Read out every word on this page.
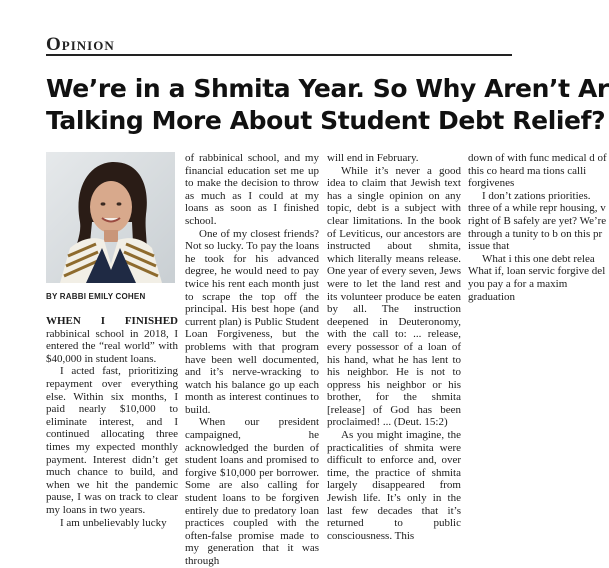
Opinion
We’re in a Shmita Year. So Why Aren’t Ar
Talking More About Student Debt Relief?
BY RABBI EMILY COHEN

WHEN I FINISHED rabbinical school in 2018, I entered the “real world” with $40,000 in student loans.

I acted fast, prioritizing repayment over everything else. Within six months, I paid nearly $10,000 to eliminate interest, and I continued allocating three times my expected monthly payment. Interest didn’t get much chance to build, and when we hit the pandemic pause, I was on track to clear my loans in two years.

I am unbelievably lucky

of rabbinical school, and my financial education set me up to make the decision to throw as much as I could at my loans as soon as I finished school.

One of my closest friends? Not so lucky. To pay the loans he took for his advanced degree, he would need to pay twice his rent each month just to scrape the top off the principal. His best hope (and current plan) is Public Student Loan Forgiveness, but the problems with that program have been well documented, and it’s nerve-wracking to watch his balance go up each month as interest continues to build.

When our president campaigned, he acknowledged the burden of student loans and promised to forgive $10,000 per borrower. Some are also calling for student loans to be forgiven entirely due to predatory loan practices coupled with the often-false promise made to my generation that it was through

will end in February.

While it’s never a good idea to claim that Jewish text has a single opinion on any topic, debt is a subject with clear limitations. In the book of Leviticus, our ancestors are instructed about shmita, which literally means release. One year of every seven, Jews were to let the land rest and its volunteer produce be eaten by all. The instruction deepened in Deuteronomy, with the call to: ... release, every possessor of a loan of his hand, what he has lent to his neighbor. He is not to oppress his neighbor or his brother, for the shmita [release] of God has been proclaimed! ... (Deut. 15:2)

As you might imagine, the practicalities of shmita were difficult to enforce and, over time, the practice of shmita largely disappeared from Jewish life. It’s only in the last few decades that it’s returned to public consciousness. This

down of with func medical d of this co heard ma tions calli forgivenes

I don’t zations priorities. three of a while repr housing, v right of B safely are yet? We’re through a tunity to b on this pr issue that

What i this one debt relea What if, loan servic forgive del you pay a for a maxim graduation
